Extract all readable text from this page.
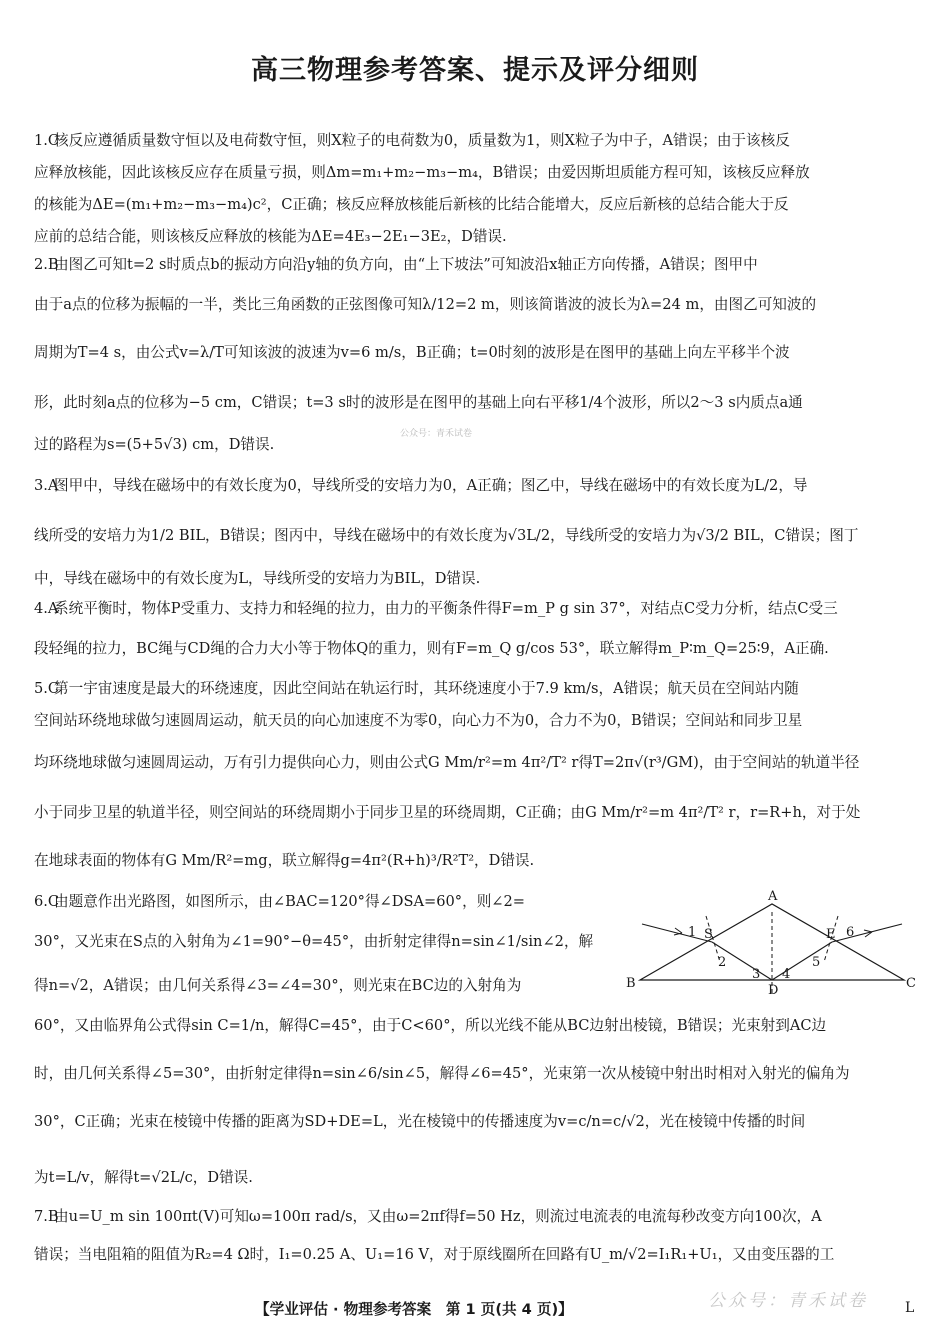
高三物理参考答案、提示及评分细则
1.C
核反应遵循质量数守恒以及电荷数守恒，则X粒子的电荷数为0，质量数为1，则X粒子为中子，A错误；由于该核反
应释放核能，因此该核反应存在质量亏损，则Δm=m₁+m₂−m₃−m₄，B错误；由爱因斯坦质能方程可知，该核反应释放
的核能为ΔE=(m₁+m₂−m₃−m₄)c²，C正确；核反应释放核能后新核的比结合能增大，反应后新核的总结合能大于反
应前的总结合能，则该核反应释放的核能为ΔE=4E₃−2E₁−3E₂，D错误.
2.B
由图乙可知t=2 s时质点b的振动方向沿y轴的负方向，由“上下坡法”可知波沿x轴正方向传播，A错误；图甲中
由于a点的位移为振幅的一半，类比三角函数的正弦图像可知λ/12=2 m，则该简谐波的波长为λ=24 m，由图乙可知波的
周期为T=4 s，由公式v=λ/T可知该波的波速为v=6 m/s，B正确；t=0时刻的波形是在图甲的基础上向左平移半个波
形，此时刻a点的位移为−5 cm，C错误；t=3 s时的波形是在图甲的基础上向右平移1/4个波形，所以2～3 s内质点a通
过的路程为s=(5+5√3) cm，D错误.
公众号：青禾试卷
3.A
图甲中，导线在磁场中的有效长度为0，导线所受的安培力为0，A正确；图乙中，导线在磁场中的有效长度为L/2，导
线所受的安培力为1/2 BIL，B错误；图丙中，导线在磁场中的有效长度为√3L/2，导线所受的安培力为√3/2 BIL，C错误；图丁
中，导线在磁场中的有效长度为L，导线所受的安培力为BIL，D错误.
4.A
系统平衡时，物体P受重力、支持力和轻绳的拉力，由力的平衡条件得F=m_P g sin 37°，对结点C受力分析，结点C受三
段轻绳的拉力，BC绳与CD绳的合力大小等于物体Q的重力，则有F=m_Q g/cos 53°，联立解得m_P∶m_Q=25∶9，A正确.
5.C
第一宇宙速度是最大的环绕速度，因此空间站在轨运行时，其环绕速度小于7.9 km/s，A错误；航天员在空间站内随
空间站环绕地球做匀速圆周运动，航天员的向心加速度不为零0，向心力不为0，合力不为0，B错误；空间站和同步卫星
均环绕地球做匀速圆周运动，万有引力提供向心力，则由公式G Mm/r²=m 4π²/T² r得T=2π√(r³/GM)，由于空间站的轨道半径
小于同步卫星的轨道半径，则空间站的环绕周期小于同步卫星的环绕周期，C正确；由G Mm/r²=m 4π²/T² r，r=R+h，对于处
在地球表面的物体有G Mm/R²=mg，联立解得g=4π²(R+h)³/R²T²，D错误.
6.C
由题意作出光路图，如图所示，由∠BAC=120°得∠DSA=60°，则∠2=
30°，又光束在S点的入射角为∠1=90°−θ=45°，由折射定律得n=sin∠1/sin∠2，解
得n=√2，A错误；由几何关系得∠3=∠4=30°，则光束在BC边的入射角为
60°，又由临界角公式得sin C=1/n，解得C=45°，由于C<60°，所以光线不能从BC边射出棱镜，B错误；光束射到AC边
时，由几何关系得∠5=30°，由折射定律得n=sin∠6/sin∠5，解得∠6=45°，光束第一次从棱镜中射出时相对入射光的偏角为
30°，C正确；光束在棱镜中传播的距离为SD+DE=L，光在棱镜中的传播速度为v=c/n=c/√2，光在棱镜中传播的时间
为t=L/v，解得t=√2L/c，D错误.
A
B	C
D
S	E
1
2
3 4
5
6
7.B
由u=U_m sin 100πt(V)可知ω=100π rad/s，又由ω=2πf得f=50 Hz，则流过电流表的电流每秒改变方向100次，A
错误；当电阻箱的阻值为R₂=4 Ω时，I₁=0.25 A、U₁=16 V，对于原线圈所在回路有U_m/√2=I₁R₁+U₁，又由变压器的工
【学业评估 · 物理参考答案　第 1 页(共 4 页)】	公众号：青禾试卷	L
